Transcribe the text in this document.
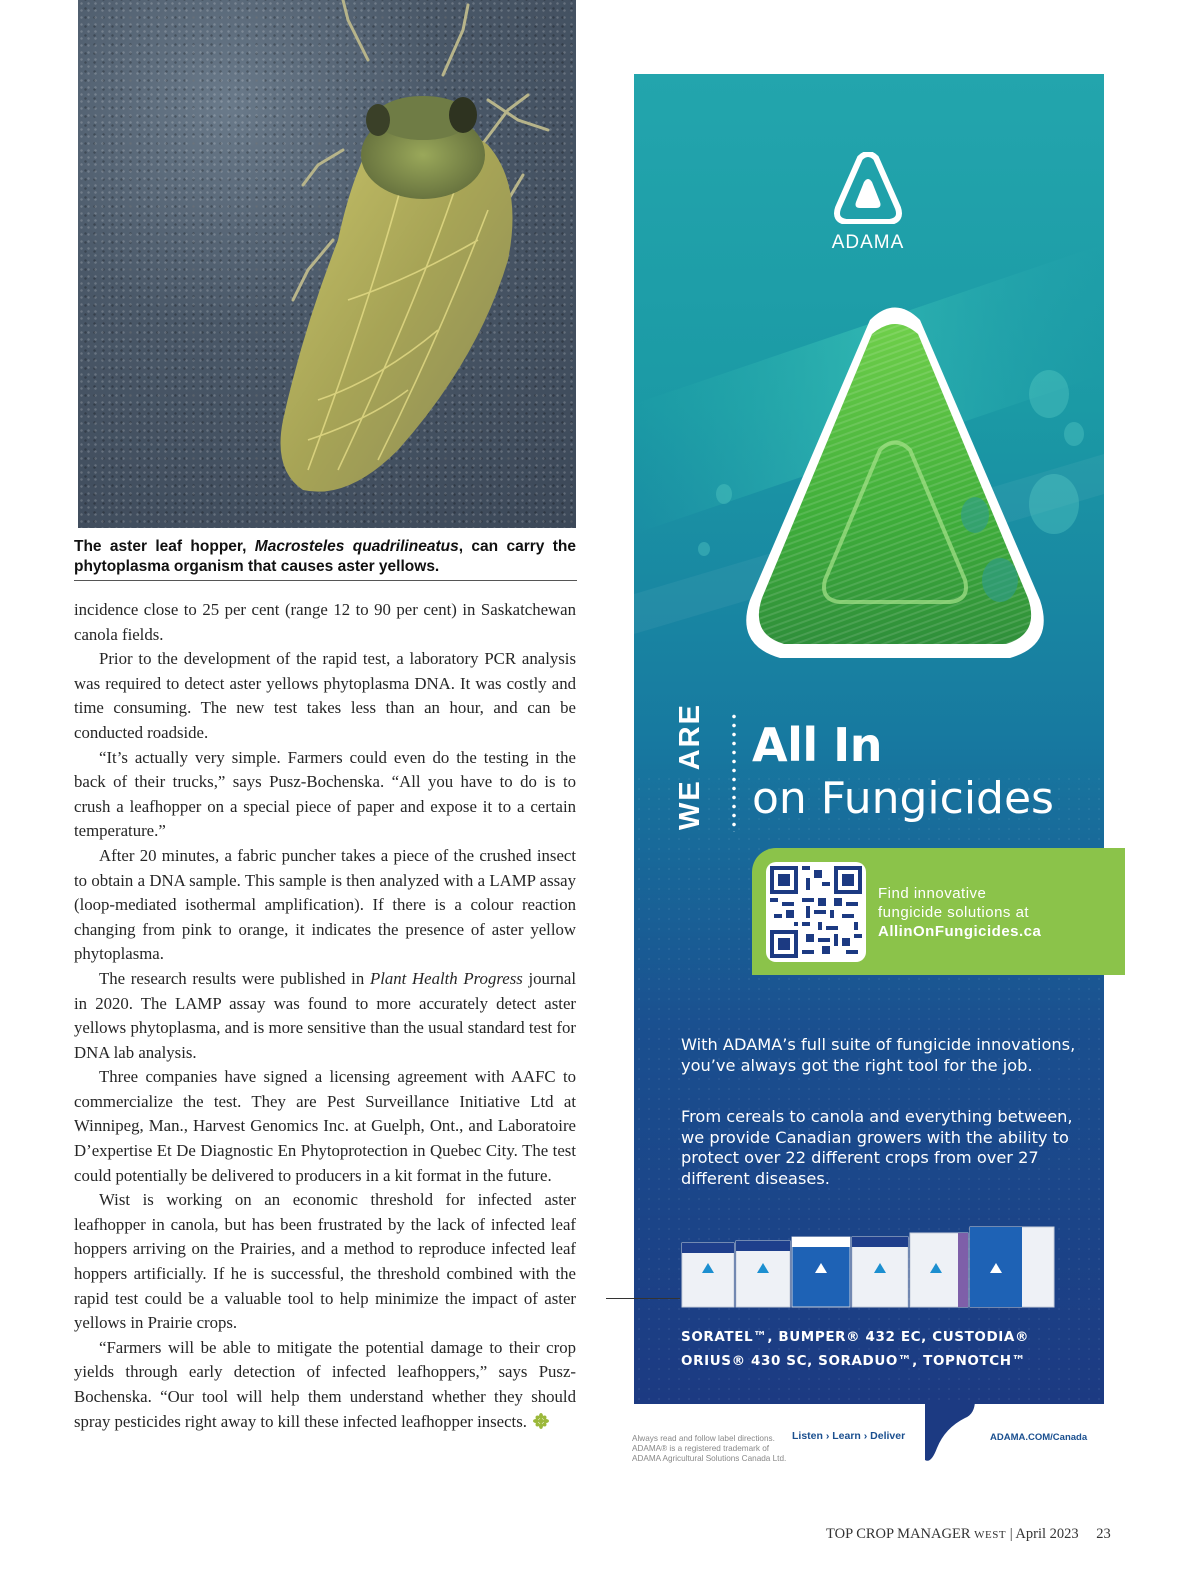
The aster leaf hopper, Macrosteles quadrilineatus, can carry the phytoplasma organism that causes aster yellows.

incidence close to 25 per cent (range 12 to 90 per cent) in Saskatchewan canola fields.

Prior to the development of the rapid test, a laboratory PCR analysis was required to detect aster yellows phytoplasma DNA. It was costly and time consuming. The new test takes less than an hour, and can be conducted roadside.

“It’s actually very simple. Farmers could even do the testing in the back of their trucks,” says Pusz-Bochenska. “All you have to do is to crush a leafhopper on a special piece of paper and expose it to a certain temperature.”

After 20 minutes, a fabric puncher takes a piece of the crushed insect to obtain a DNA sample. This sample is then analyzed with a LAMP assay (loop-mediated isothermal amplification). If there is a colour reaction changing from pink to orange, it indicates the presence of aster yellow phytoplasma.

The research results were published in Plant Health Progress journal in 2020. The LAMP assay was found to more accurately detect aster yellows phytoplasma, and is more sensitive than the usual standard test for DNA lab analysis.

Three companies have signed a licensing agreement with AAFC to commercialize the test. They are Pest Surveillance Initiative Ltd at Winnipeg, Man., Harvest Genomics Inc. at Guelph, Ont., and Laboratoire D’expertise Et De Diagnostic En Phytoprotection in Quebec City. The test could potentially be delivered to producers in a kit format in the future.

Wist is working on an economic threshold for infected aster leafhopper in canola, but has been frustrated by the lack of infected leaf hoppers arriving on the Prairies, and a method to reproduce infected leaf hoppers artificially. If he is successful, the threshold combined with the rapid test could be a valuable tool to help minimize the impact of aster yellows in Prairie crops.

“Farmers will be able to mitigate the potential damage to their crop yields through early detection of infected leafhoppers,” says Pusz-Bochenska. “Our tool will help them understand whether they should spray pesticides right away to kill these infected leafhopper insects.

ADAMA
WE ARE All In
on Fungicides
Find innovative
fungicide solutions at
AllinOnFungicides.ca
With ADAMA’s full suite of fungicide innovations, you’ve always got the right tool for the job.
From cereals to canola and everything between, we provide Canadian growers with the ability to protect over 22 different crops from over 27 different diseases.
SORATEL™, BUMPER® 432 EC, CUSTODIA®
ORIUS® 430 SC, SORADUO™, TOPNOTCH™
Always read and follow label directions. ADAMA® is a registered trademark of ADAMA Agricultural Solutions Canada Ltd.
Listen › Learn › Deliver	ADAMA.COM/Canada
TOP CROP MANAGER WEST | April 2023 23
